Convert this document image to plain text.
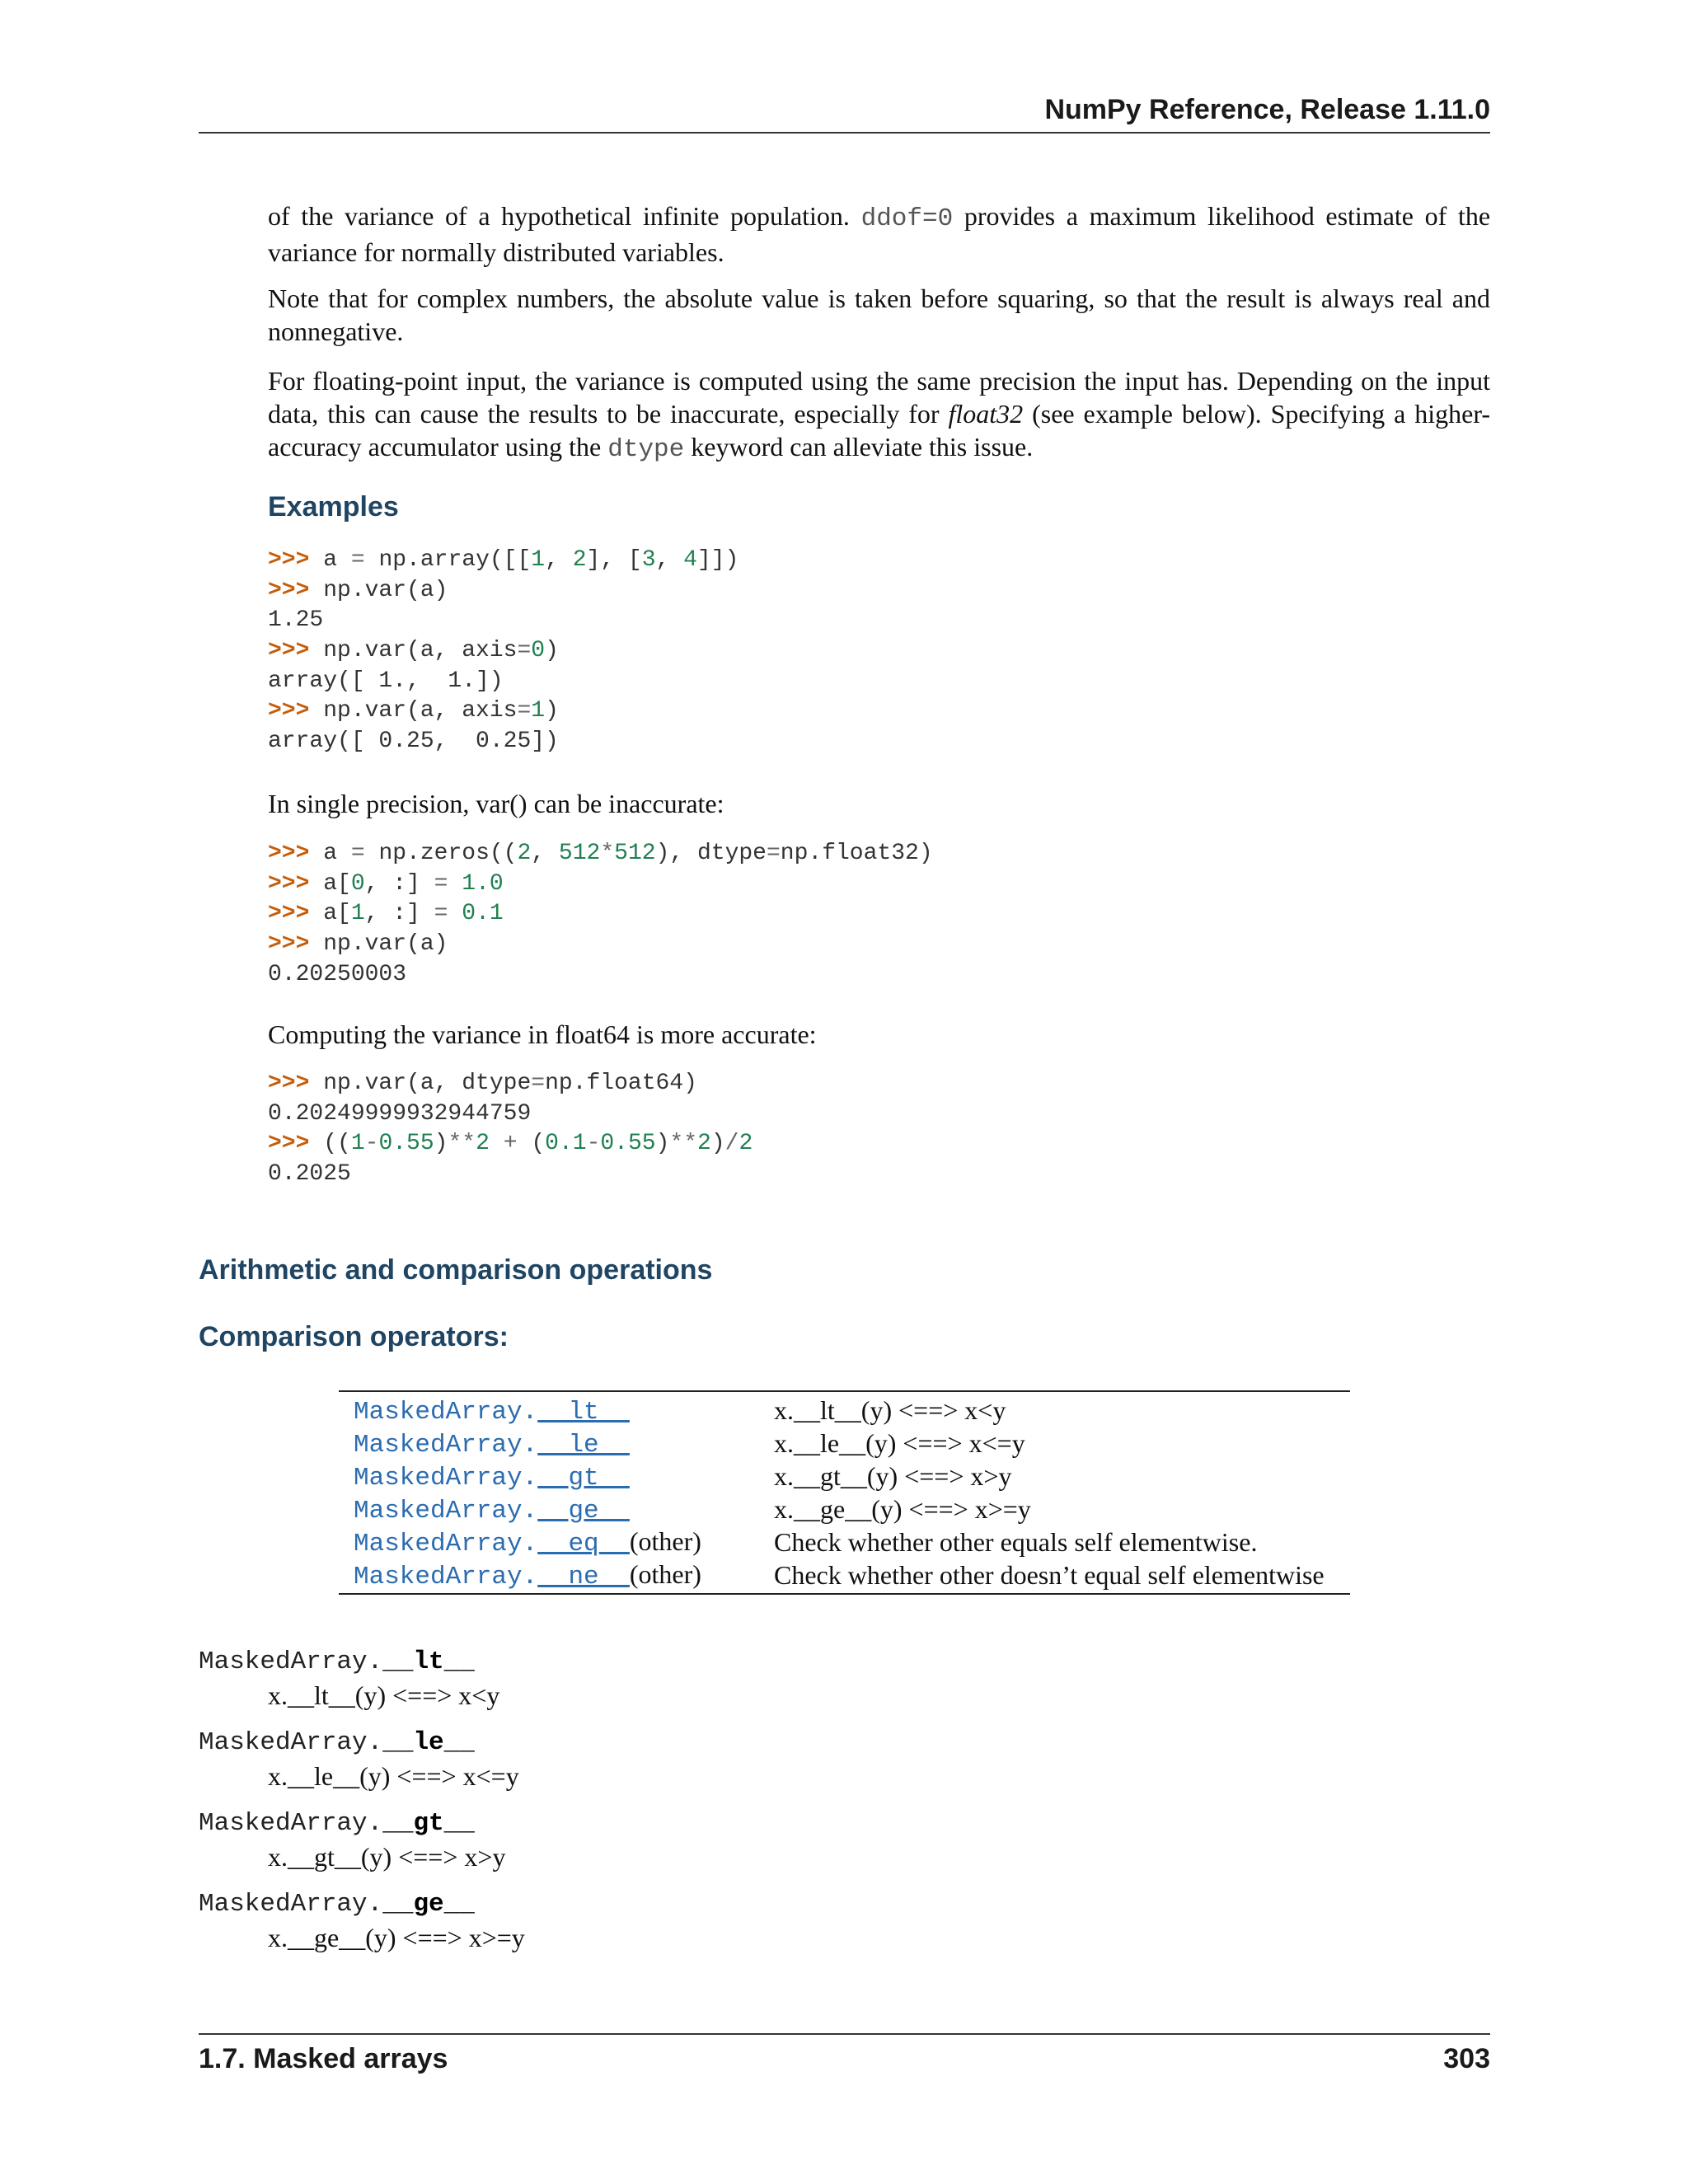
NumPy Reference, Release 1.11.0
of the variance of a hypothetical infinite population. ddof=0 provides a maximum likelihood estimate of the variance for normally distributed variables.
Note that for complex numbers, the absolute value is taken before squaring, so that the result is always real and nonnegative.
For floating-point input, the variance is computed using the same precision the input has. Depending on the input data, this can cause the results to be inaccurate, especially for float32 (see example below). Specifying a higher-accuracy accumulator using the dtype keyword can alleviate this issue.
Examples
>>> a = np.array([[1, 2], [3, 4]])
>>> np.var(a)
1.25
>>> np.var(a, axis=0)
array([ 1.,  1.])
>>> np.var(a, axis=1)
array([ 0.25,  0.25])
In single precision, var() can be inaccurate:
>>> a = np.zeros((2, 512*512), dtype=np.float32)
>>> a[0, :] = 1.0
>>> a[1, :] = 0.1
>>> np.var(a)
0.20250003
Computing the variance in float64 is more accurate:
>>> np.var(a, dtype=np.float64)
0.20249999932944759
>>> ((1-0.55)**2 + (0.1-0.55)**2)/2
0.2025
Arithmetic and comparison operations
Comparison operators:
MaskedArray.__lt__	x.__lt__(y) <==> x<y
MaskedArray.__le__	x.__le__(y) <==> x<=y
MaskedArray.__gt__	x.__gt__(y) <==> x>y
MaskedArray.__ge__	x.__ge__(y) <==> x>=y
MaskedArray.__eq__(other)	Check whether other equals self elementwise.
MaskedArray.__ne__(other)	Check whether other doesn’t equal self elementwise
MaskedArray.__lt__
x.__lt__(y) <==> x<y
MaskedArray.__le__
x.__le__(y) <==> x<=y
MaskedArray.__gt__
x.__gt__(y) <==> x>y
MaskedArray.__ge__
x.__ge__(y) <==> x>=y
1.7. Masked arrays	303
